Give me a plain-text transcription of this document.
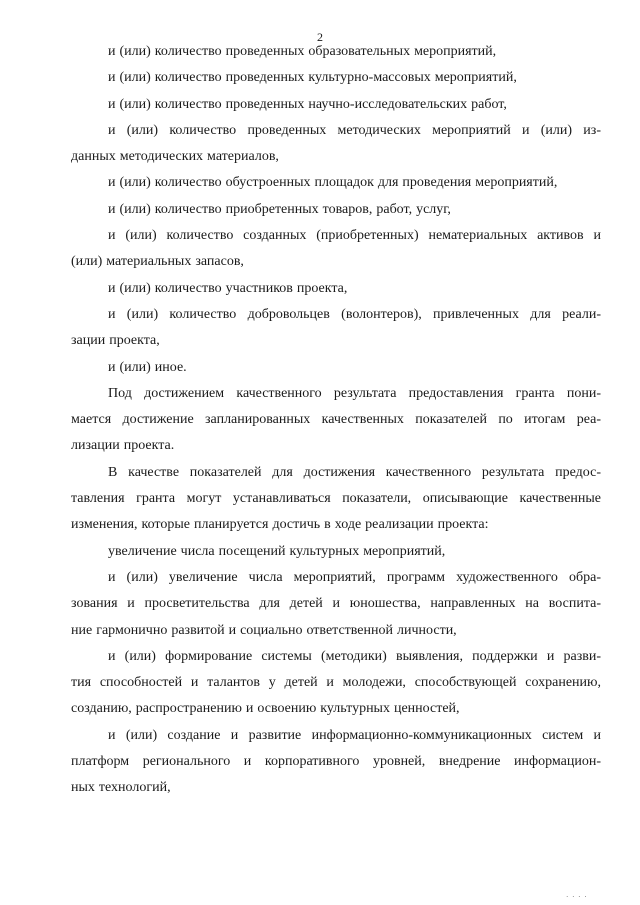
2

и (или) количество проведенных образовательных мероприятий,

и (или) количество проведенных культурно-массовых мероприятий,

и (или) количество проведенных научно-исследовательских работ,

и (или) количество проведенных методических мероприятий и (или) из-
данных методических материалов,

и (или) количество обустроенных площадок для проведения мероприятий,

и (или) количество приобретенных товаров, работ, услуг,

и (или) количество созданных (приобретенных) нематериальных активов и
(или) материальных запасов,

и (или) количество участников проекта,

и (или) количество добровольцев (волонтеров), привлеченных для реали-
зации проекта,

и (или) иное.

Под достижением качественного результата предоставления гранта пони-
мается достижение запланированных качественных показателей по итогам реа-
лизации проекта.

В качестве показателей для достижения качественного результата предос-
тавления гранта могут устанавливаться показатели, описывающие качественные
изменения, которые планируется достичь в ходе реализации проекта:

увеличение числа посещений культурных мероприятий,

и (или) увеличение числа мероприятий, программ художественного обра-
зования и просветительства для детей и юношества, направленных на воспита-
ние гармонично развитой и социально ответственной личности,

и (или) формирование системы (методики) выявления, поддержки и разви-
тия способностей и талантов у детей и молодежи, способствующей сохранению,
созданию, распространению и освоению культурных ценностей,

и (или) создание и развитие информационно-коммуникационных систем и
платформ регионального и корпоративного уровней, внедрение информацион-
ных технологий,

· · · ·
